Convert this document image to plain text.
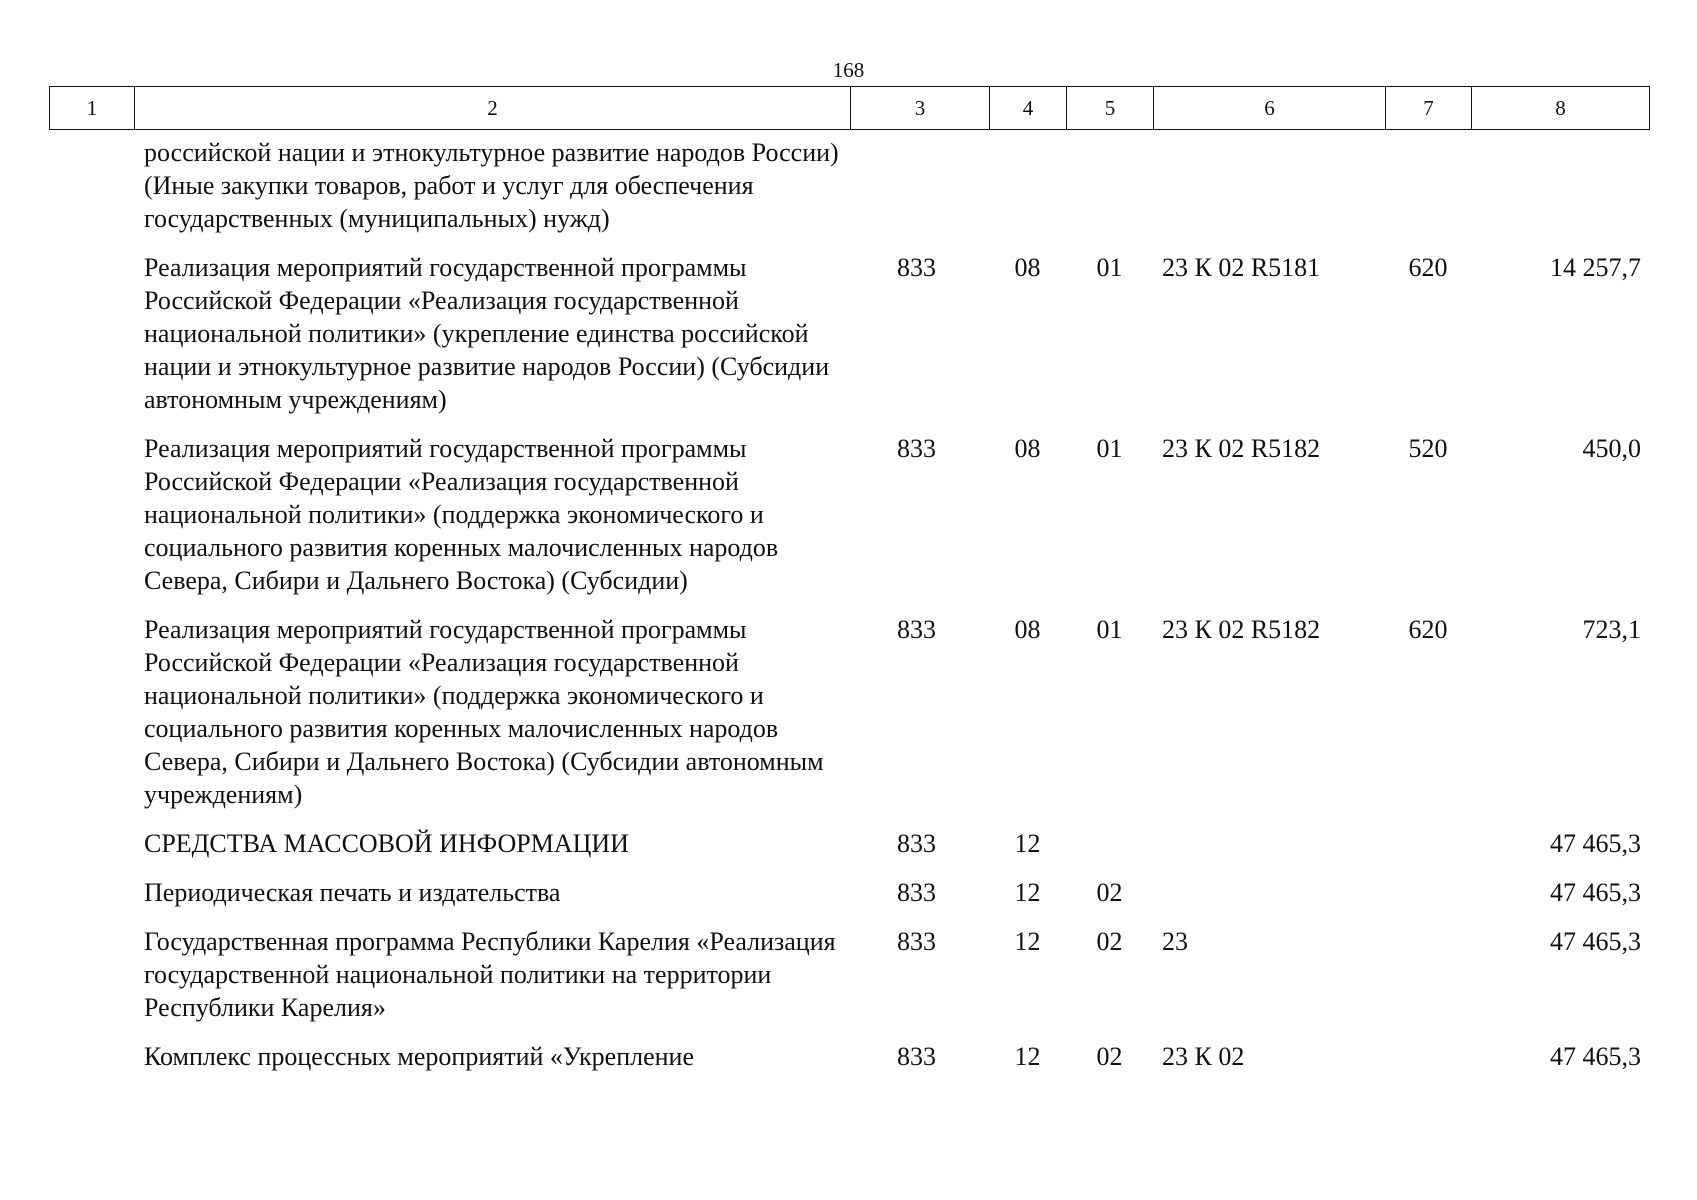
168
1	2	3	4	5	6	7	8
российской нации и этнокультурное развитие народов России) (Иные закупки товаров, работ и услуг для обеспечения государственных (муниципальных) нужд)						
Реализация мероприятий государственной программы Российской Федерации «Реализация государственной национальной политики» (укрепление единства российской нации и этнокультурное развитие народов России) (Субсидии автономным учреждениям)	833	08	01	23 К 02 R5181	620	14 257,7
Реализация мероприятий государственной программы Российской Федерации «Реализация государственной национальной политики» (поддержка экономического и социального развития коренных малочисленных народов Севера, Сибири и Дальнего Востока) (Субсидии)	833	08	01	23 К 02 R5182	520	450,0
Реализация мероприятий государственной программы Российской Федерации «Реализация государственной национальной политики» (поддержка экономического и социального развития коренных малочисленных народов Севера, Сибири и Дальнего Востока) (Субсидии автономным учреждениям)	833	08	01	23 К 02 R5182	620	723,1
СРЕДСТВА МАССОВОЙ ИНФОРМАЦИИ	833	12				47 465,3
Периодическая печать и издательства	833	12	02			47 465,3
Государственная программа Республики Карелия «Реализация государственной национальной политики на территории Республики Карелия»	833	12	02	23		47 465,3
Комплекс процессных мероприятий «Укрепление	833	12	02	23 К 02		47 465,3
